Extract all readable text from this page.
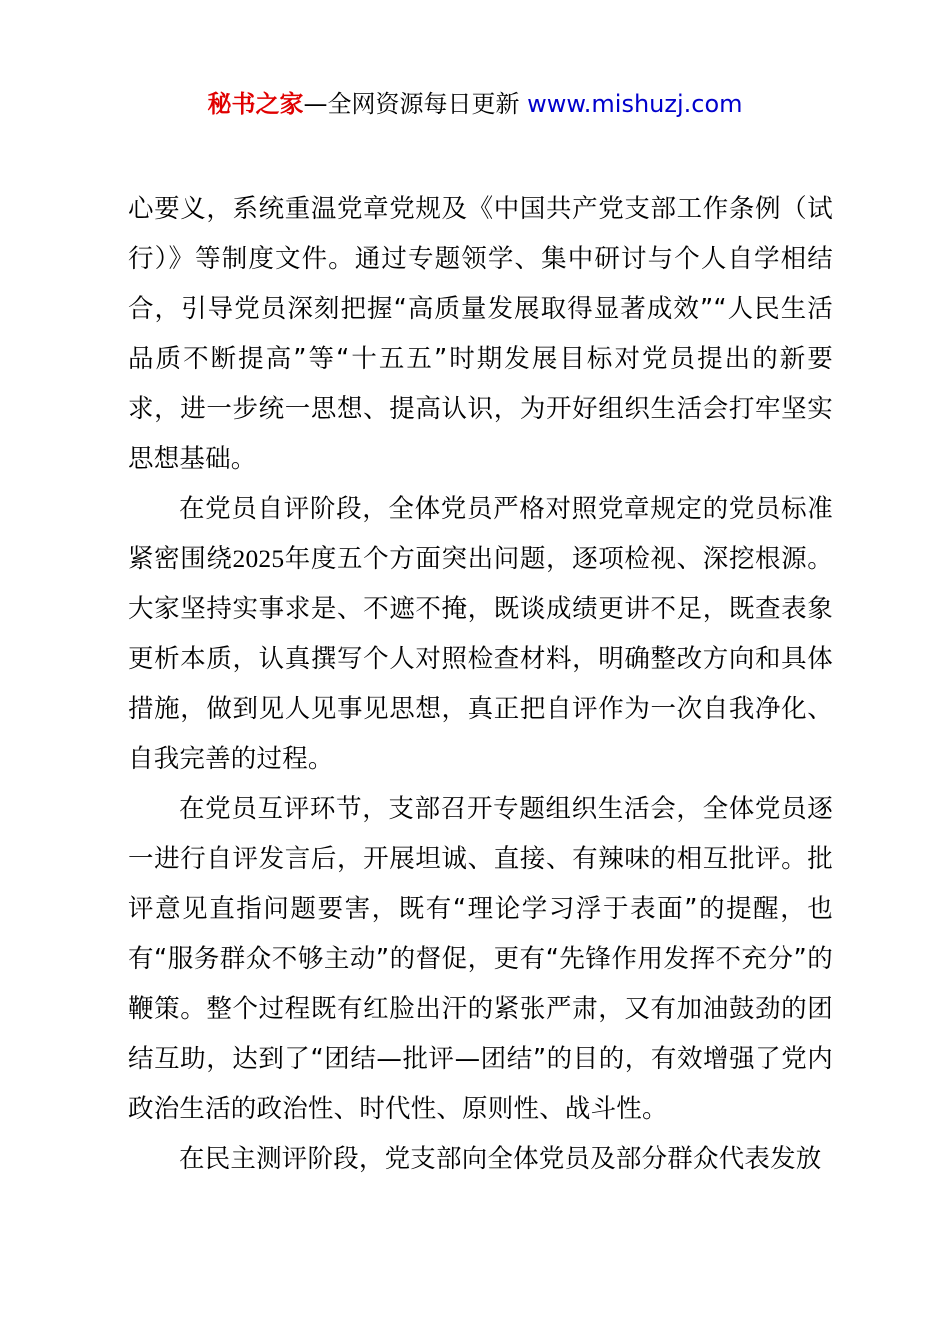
秘书之家—全网资源每日更新 www.mishuzj.com

心要义，系统重温党章党规及《中国共产党支部工作条例（试行）》等制度文件。通过专题领学、集中研讨与个人自学相结合，引导党员深刻把握“高质量发展取得显著成效”“人民生活品质不断提高”等“十五五”时期发展目标对党员提出的新要求，进一步统一思想、提高认识，为开好组织生活会打牢坚实思想基础。

在党员自评阶段，全体党员严格对照党章规定的党员标准紧密围绕2025年度五个方面突出问题，逐项检视、深挖根源。大家坚持实事求是、不遮不掩，既谈成绩更讲不足，既查表象更析本质，认真撰写个人对照检查材料，明确整改方向和具体措施，做到见人见事见思想，真正把自评作为一次自我净化、自我完善的过程。

在党员互评环节，支部召开专题组织生活会，全体党员逐一进行自评发言后，开展坦诚、直接、有辣味的相互批评。批评意见直指问题要害，既有“理论学习浮于表面”的提醒，也有“服务群众不够主动”的督促，更有“先锋作用发挥不充分”的鞭策。整个过程既有红脸出汗的紧张严肃，又有加油鼓劲的团结互助，达到了“团结—批评—团结”的目的，有效增强了党内政治生活的政治性、时代性、原则性、战斗性。

在民主测评阶段，党支部向全体党员及部分群众代表发放
